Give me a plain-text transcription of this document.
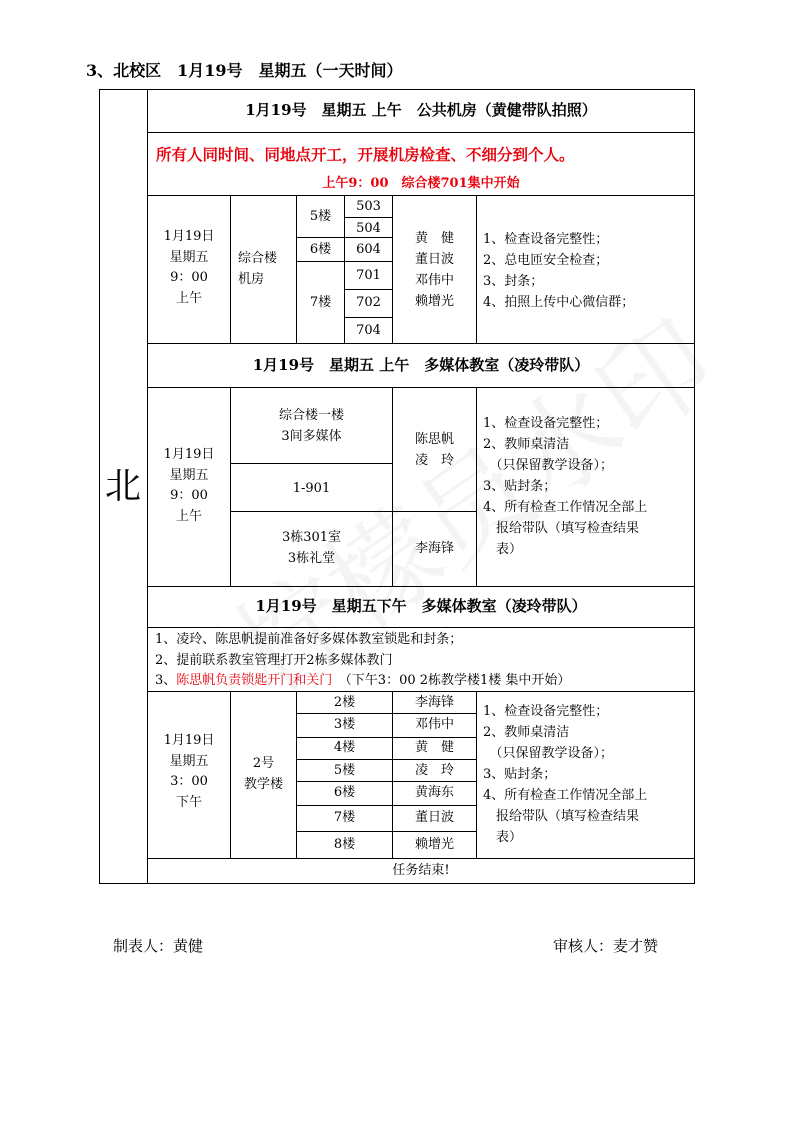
3、北校区　1月19号　星期五（一天时间）
北
1月19号　星期五 上午　公共机房（黄健带队拍照）
所有人同时间、同地点开工，开展机房检查、不细分到个人。
上午9：00　综合楼701集中开始
1月19日
星期五
9：00
上午
综合楼
机房
5楼
6楼
7楼
503
504
604
701
702
704
黄　健
董日波
邓伟中
赖增光
1、检查设备完整性；
2、总电匝安全检查；
3、封条；
4、拍照上传中心微信群；
1月19号　星期五 上午　多媒体教室（凌玲带队）
1月19日
星期五
9：00
上午
综合楼一楼
3间多媒体
1-901
3栋301室
3栋礼堂
陈思帆
凌　玲
李海锋
1、检查设备完整性；
2、教师桌清洁
　（只保留教学设备）；
3、贴封条；
4、所有检查工作情况全部上
　报给带队（填写检查结果
　表）
1月19号　星期五下午　多媒体教室（凌玲带队）
1、凌玲、陈思帆提前准备好多媒体教室锁匙和封条；
2、提前联系教室管理打开2栋多媒体教门
3、陈思帆负责锁匙开门和关门　（下午3：00 2栋教学楼1楼 集中开始）
1月19日
星期五
3：00
下午
2号
教学楼
2楼
3楼
4楼
5楼
6楼
7楼
8楼
李海锋
邓伟中
黄　健
凌　玲
黄海东
董日波
赖增光
1、检查设备完整性；
2、教师桌清洁
　（只保留教学设备）；
3、贴封条；
4、所有检查工作情况全部上
　报给带队（填写检查结果
　表）
任务结束!
制表人：黄健	审核人：麦才赞
